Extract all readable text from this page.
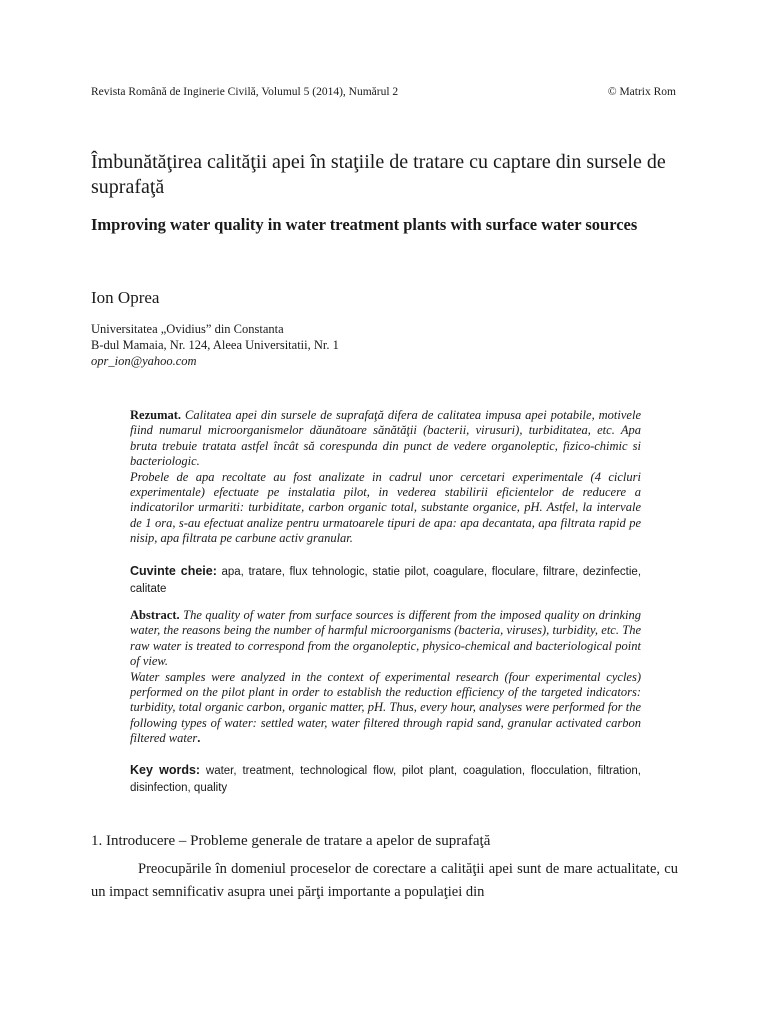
Revista Română de Inginerie Civilă, Volumul 5 (2014), Numărul 2	© Matrix Rom
Îmbunătăţirea calităţii apei în staţiile de tratare cu captare din sursele de suprafaţă
Improving water quality in water treatment plants with surface water sources
Ion Oprea
Universitatea „Ovidius” din Constanta
B-dul Mamaia, Nr. 124, Aleea Universitatii, Nr. 1
opr_ion@yahoo.com

Rezumat. Calitatea apei din sursele de suprafaţă difera de calitatea impusa apei potabile, motivele fiind numarul microorganismelor dăunătoare sănătăţii (bacterii, virusuri), turbiditatea, etc. Apa bruta trebuie tratata astfel încât să corespunda din punct de vedere organoleptic, fizico-chimic si bacteriologic.

Probele de apa recoltate au fost analizate in cadrul unor cercetari experimentale (4 cicluri experimentale) efectuate pe instalatia pilot, in vederea stabilirii eficientelor de reducere a indicatorilor urmariti: turbiditate, carbon organic total, substante organice, pH. Astfel, la intervale de 1 ora, s-au efectuat analize pentru urmatoarele tipuri de apa: apa decantata, apa filtrata rapid pe nisip, apa filtrata pe carbune activ granular.

Cuvinte cheie: apa, tratare, flux tehnologic, statie pilot, coagulare, floculare, filtrare, dezinfectie, calitate

Abstract. The quality of water from surface sources is different from the imposed quality on drinking water, the reasons being the number of harmful microorganisms (bacteria, viruses), turbidity, etc. The raw water is treated to correspond from the organoleptic, physico-chemical and bacteriological point of view.

Water samples were analyzed in the context of experimental research (four experimental cycles) performed on the pilot plant in order to establish the reduction efficiency of the targeted indicators: turbidity, total organic carbon, organic matter, pH. Thus, every hour, analyses were performed for the following types of water: settled water, water filtered through rapid sand, granular activated carbon filtered water.

Key words: water, treatment, technological flow, pilot plant, coagulation, flocculation, filtration, disinfection, quality

1. Introducere – Probleme generale de tratare a apelor de suprafaţă

Preocupările în domeniul proceselor de corectare a calităţii apei sunt de mare actualitate, cu un impact semnificativ asupra unei părţi importante a populaţiei din
